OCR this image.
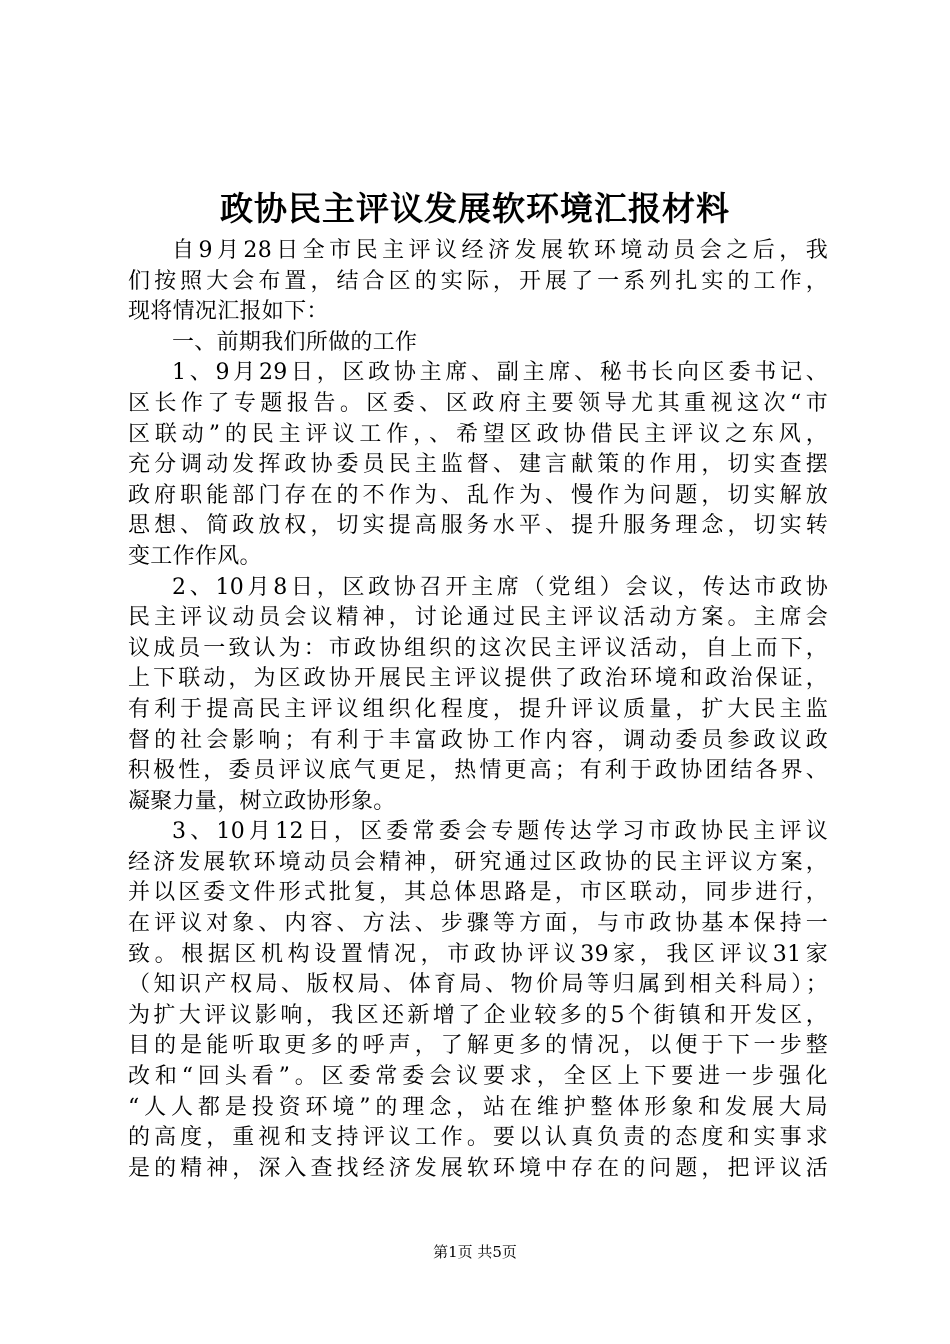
政协民主评议发展软环境汇报材料
自9月28日全市民主评议经济发展软环境动员会之后，我
们按照大会布置，结合区的实际，开展了一系列扎实的工作，
现将情况汇报如下：
一、前期我们所做的工作
1、9月29日，区政协主席、副主席、秘书长向区委书记、
区长作了专题报告。区委、区政府主要领导尤其重视这次“市
区联动”的民主评议工作，、希望区政协借民主评议之东风，
充分调动发挥政协委员民主监督、建言献策的作用，切实查摆
政府职能部门存在的不作为、乱作为、慢作为问题，切实解放
思想、简政放权，切实提高服务水平、提升服务理念，切实转
变工作作风。
2、10月8日，区政协召开主席（党组）会议，传达市政协
民主评议动员会议精神，讨论通过民主评议活动方案。主席会
议成员一致认为：市政协组织的这次民主评议活动，自上而下，
上下联动，为区政协开展民主评议提供了政治环境和政治保证，
有利于提高民主评议组织化程度，提升评议质量，扩大民主监
督的社会影响；有利于丰富政协工作内容，调动委员参政议政
积极性，委员评议底气更足，热情更高；有利于政协团结各界、
凝聚力量，树立政协形象。
3、10月12日，区委常委会专题传达学习市政协民主评议
经济发展软环境动员会精神，研究通过区政协的民主评议方案，
并以区委文件形式批复，其总体思路是，市区联动，同步进行，
在评议对象、内容、方法、步骤等方面，与市政协基本保持一
致。根据区机构设置情况，市政协评议39家，我区评议31家
（知识产权局、版权局、体育局、物价局等归属到相关科局）；
为扩大评议影响，我区还新增了企业较多的5个街镇和开发区，
目的是能听取更多的呼声，了解更多的情况，以便于下一步整
改和“回头看”。区委常委会议要求，全区上下要进一步强化
“人人都是投资环境”的理念，站在维护整体形象和发展大局
的高度，重视和支持评议工作。要以认真负责的态度和实事求
是的精神，深入查找经济发展软环境中存在的问题，把评议活
第1页 共5页
